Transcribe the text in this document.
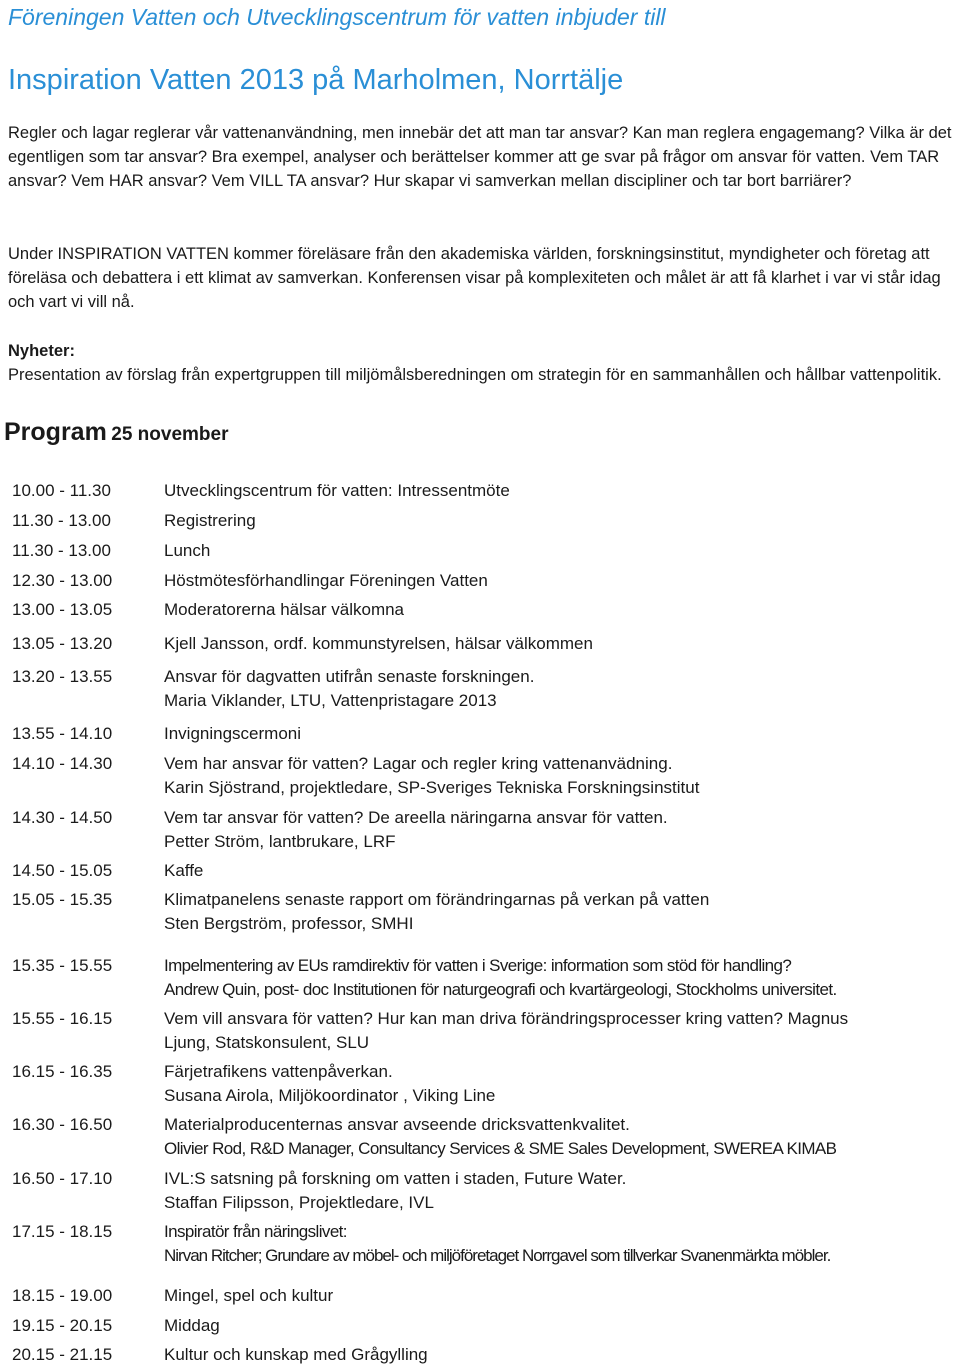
Föreningen Vatten och Utvecklingscentrum för vatten inbjuder till
Inspiration Vatten 2013 på Marholmen, Norrtälje
Regler och lagar reglerar vår vattenanvändning, men innebär det att man tar ansvar? Kan man reglera engagemang? Vilka är det egentligen som tar ansvar? Bra exempel, analyser och berättelser kommer att ge svar på frågor om ansvar för vatten. Vem TAR ansvar? Vem HAR ansvar? Vem VILL TA ansvar? Hur skapar vi samverkan mellan discipliner och tar bort barriärer?
Under INSPIRATION VATTEN kommer föreläsare från den akademiska världen, forskningsinstitut, myndigheter och företag att föreläsa och debattera i ett klimat av samverkan. Konferensen visar på komplexiteten och målet är att få klarhet i var vi står idag och vart vi vill nå.
Nyheter:
Presentation av förslag från expertgruppen till miljömålsberedningen om strategin för en sammanhållen och hållbar vattenpolitik.
Program 25 november
10.00 - 11.30	Utvecklingscentrum för vatten: Intressentmöte
11.30 - 13.00	Registrering
11.30 - 13.00	Lunch
12.30 - 13.00	Höstmötesförhandlingar Föreningen Vatten
13.00 - 13.05	Moderatorerna hälsar välkomna
13.05 - 13.20	Kjell Jansson, ordf. kommunstyrelsen, hälsar välkommen
13.20 - 13.55	Ansvar för dagvatten utifrån senaste forskningen.
Maria Viklander, LTU, Vattenpristagare 2013
13.55 - 14.10	Invigningscermoni
14.10 - 14.30	Vem har ansvar för vatten? Lagar och regler kring vattenanvädning.
Karin Sjöstrand, projektledare, SP-Sveriges Tekniska Forskningsinstitut
14.30 - 14.50	Vem tar ansvar för vatten? De areella näringarna ansvar för vatten.
Petter Ström, lantbrukare, LRF
14.50 - 15.05	Kaffe
15.05 - 15.35	Klimatpanelens senaste rapport om förändringarnas på verkan på vatten
Sten Bergström, professor, SMHI
15.35 - 15.55	Impelmentering av EUs ramdirektiv för vatten i Sverige: information som stöd för handling?
Andrew Quin, post- doc Institutionen för naturgeografi och kvartärgeologi, Stockholms universitet.
15.55 - 16.15	Vem vill ansvara för vatten? Hur kan man driva förändringsprocesser kring vatten? Magnus
Ljung, Statskonsulent, SLU
16.15 - 16.35	Färjetrafikens vattenpåverkan.
Susana Airola, Miljökoordinator , Viking Line
16.30 - 16.50	Materialproducenternas ansvar avseende dricksvattenkvalitet.
Olivier Rod, R&D Manager, Consultancy Services & SME Sales Development, SWEREA KIMAB
16.50 - 17.10	IVL:S satsning på forskning om vatten i staden, Future Water.
Staffan Filipsson, Projektledare, IVL
17.15 - 18.15	Inspiratör från näringslivet:
Nirvan Ritcher; Grundare av möbel- och miljöföretaget Norrgavel som tillverkar Svanenmärkta möbler.
18.15 - 19.00	Mingel, spel och kultur
19.15 - 20.15	Middag
20.15 - 21.15	Kultur och kunskap med Grågylling
